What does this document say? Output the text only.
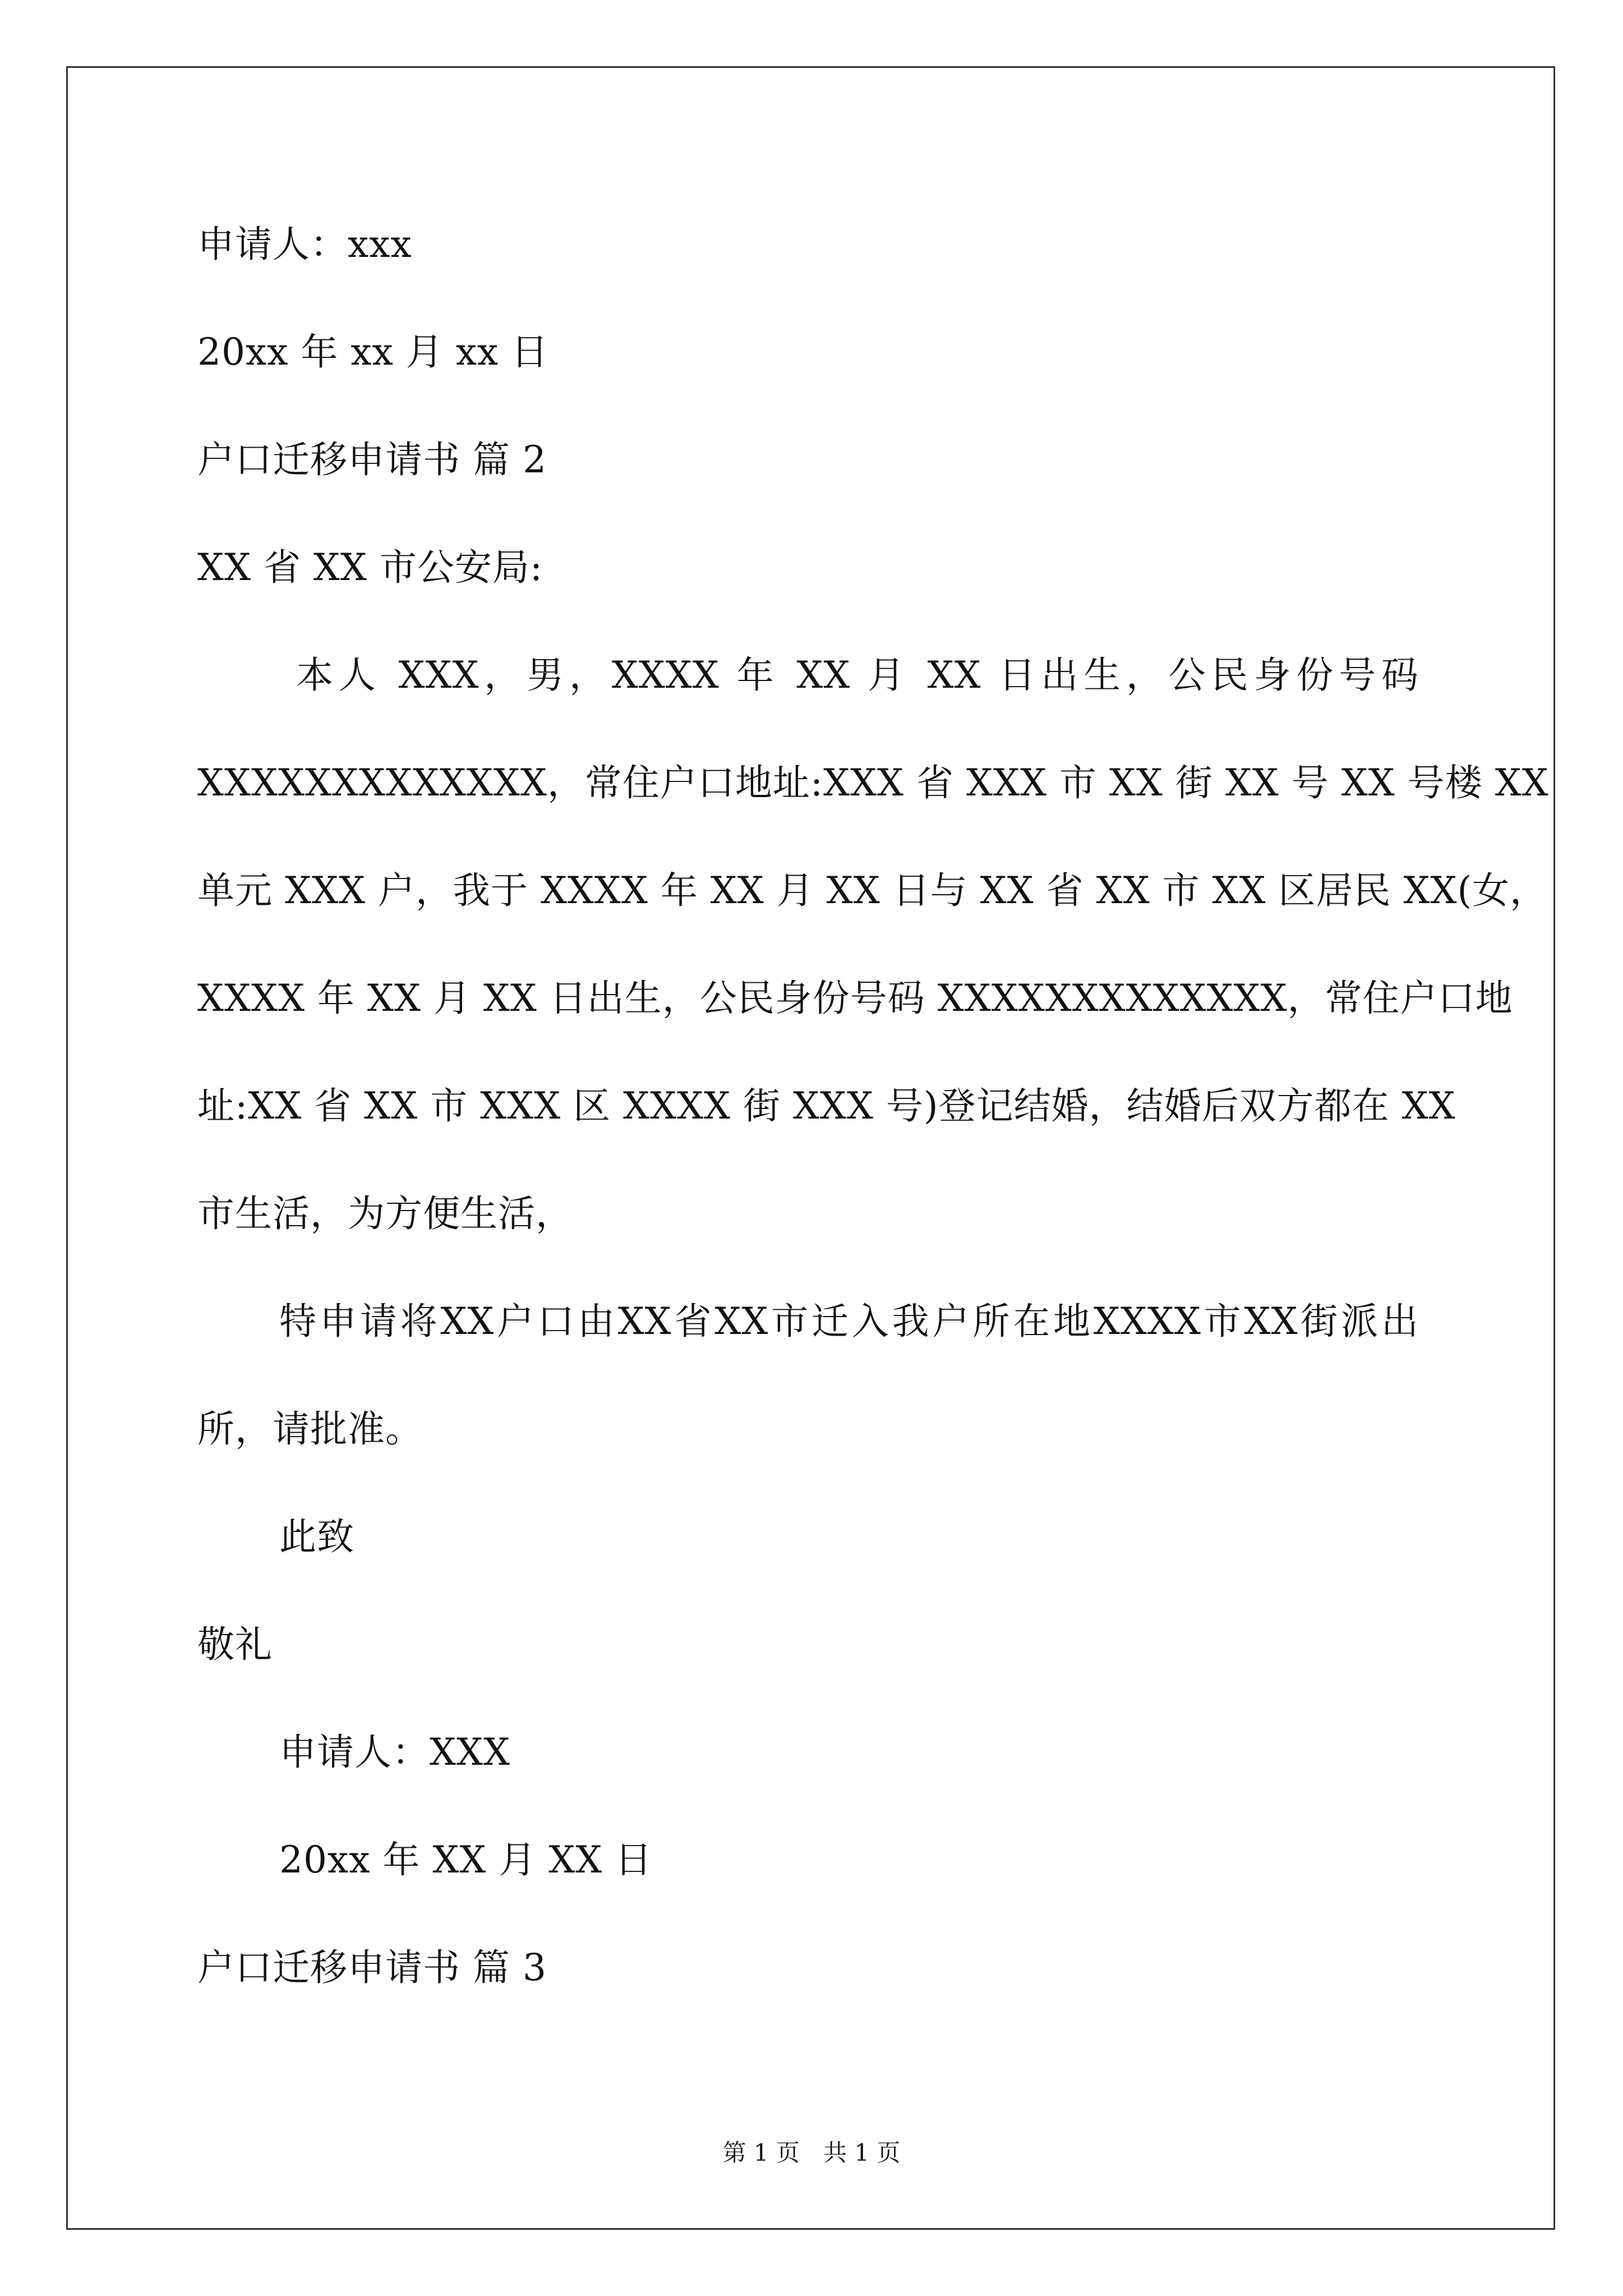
申请人：xxx
20xx 年 xx 月 xx 日
户口迁移申请书 篇 2
XX 省 XX 市公安局:
本人 XXX，男，XXXX 年 XX 月 XX 日出生，公民身份号码
XXXXXXXXXXXXX，常住户口地址:XXX 省 XXX 市 XX 街 XX 号 XX 号楼 XX
单元 XXX 户，我于 XXXX 年 XX 月 XX 日与 XX 省 XX 市 XX 区居民 XX(女，
XXXX 年 XX 月 XX 日出生，公民身份号码 XXXXXXXXXXXXX，常住户口地
址:XX 省 XX 市 XXX 区 XXXX 街 XXX 号)登记结婚，结婚后双方都在 XX
市生活，为方便生活，
特申请将XX户口由XX省XX市迁入我户所在地XXXX市XX街派出
所，请批准。
此致
敬礼
申请人：XXX
20xx 年 XX 月 XX 日
户口迁移申请书 篇 3
第 1 页　共 1 页
